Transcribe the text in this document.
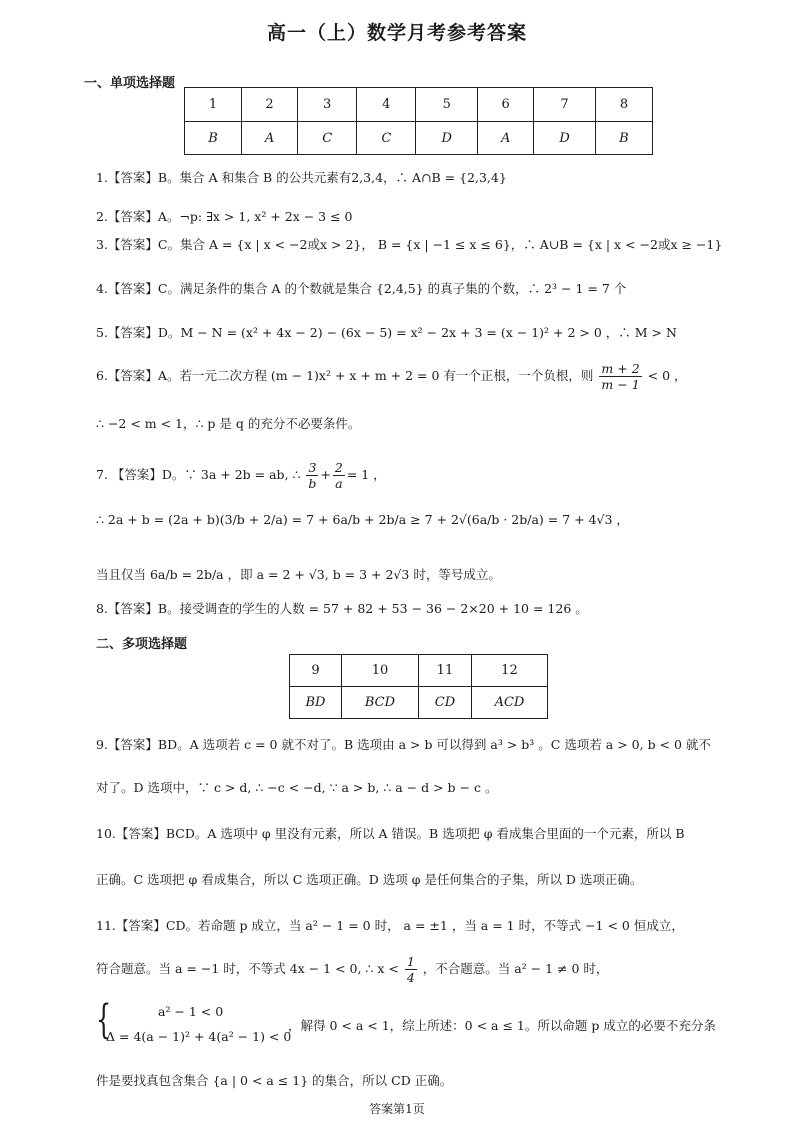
高一（上）数学月考参考答案
一、单项选择题
1	2	3	4	5	6	7	8
B	A	C	C	D	A	D	B
1.【答案】B。集合 A 和集合 B 的公共元素有2,3,4，∴ A∩B = {2,3,4}
2.【答案】A。¬p: ∃x > 1, x² + 2x − 3 ≤ 0
3.【答案】C。集合 A = {x | x < −2或x > 2}， B = {x | −1 ≤ x ≤ 6}，∴ A∪B = {x | x < −2或x ≥ −1}
4.【答案】C。满足条件的集合 A 的个数就是集合 {2,4,5} 的真子集的个数，∴ 2³ − 1 = 7 个
5.【答案】D。M − N = (x² + 4x − 2) − (6x − 5) = x² − 2x + 3 = (x − 1)² + 2 > 0 ，∴ M > N
6.【答案】A。若一元二次方程 (m − 1)x² + x + m + 2 = 0 有一个正根，一个负根，则 $\frac{m + 2}{m - 1} < 0$ ，
∴ −2 < m < 1，∴ p 是 q 的充分不必要条件。
7. 【答案】D。∵ 3a + 2b = ab, ∴ $\frac{3}{b} + \frac{2}{a} = 1$ ，
∴ 2a + b = (2a + b)(3/b + 2/a) = 7 + 6a/b + 2b/a ≥ 7 + 2√(6a/b · 2b/a) = 7 + 4√3 ，
当且仅当 6a/b = 2b/a ，即 a = 2 + √3, b = 3 + 2√3 时，等号成立。
8.【答案】B。接受调查的学生的人数 = 57 + 82 + 53 − 36 − 2×20 + 10 = 126 。
二、多项选择题
9	10	11	12
BD	BCD	CD	ACD
9.【答案】BD。A 选项若 c = 0 就不对了。B 选项由 a > b 可以得到 a³ > b³ 。C 选项若 a > 0, b < 0 就不
对了。D 选项中，∵ c > d, ∴ −c < −d, ∵ a > b, ∴ a − d > b − c 。
10.【答案】BCD。A 选项中 φ 里没有元素，所以 A 错误。B 选项把 φ 看成集合里面的一个元素，所以 B
正确。C 选项把 φ 看成集合，所以 C 选项正确。D 选项 φ 是任何集合的子集，所以 D 选项正确。
11.【答案】CD。若命题 p 成立，当 a² − 1 = 0 时， a = ±1 ，当 a = 1 时，不等式 −1 < 0 恒成立，
符合题意。当 a = −1 时，不等式 4x − 1 < 0, ∴ $x < \frac{1}{4}$ ，不合题意。当 a² − 1 ≠ 0 时，
{	a² − 1 < 0
Δ = 4(a − 1)² + 4(a² − 1) < 0
，解得 0 < a < 1，综上所述：0 < a ≤ 1。所以命题 p 成立的必要不充分条
件是要找真包含集合 {a | 0 < a ≤ 1} 的集合，所以 CD 正确。
答案第1页
